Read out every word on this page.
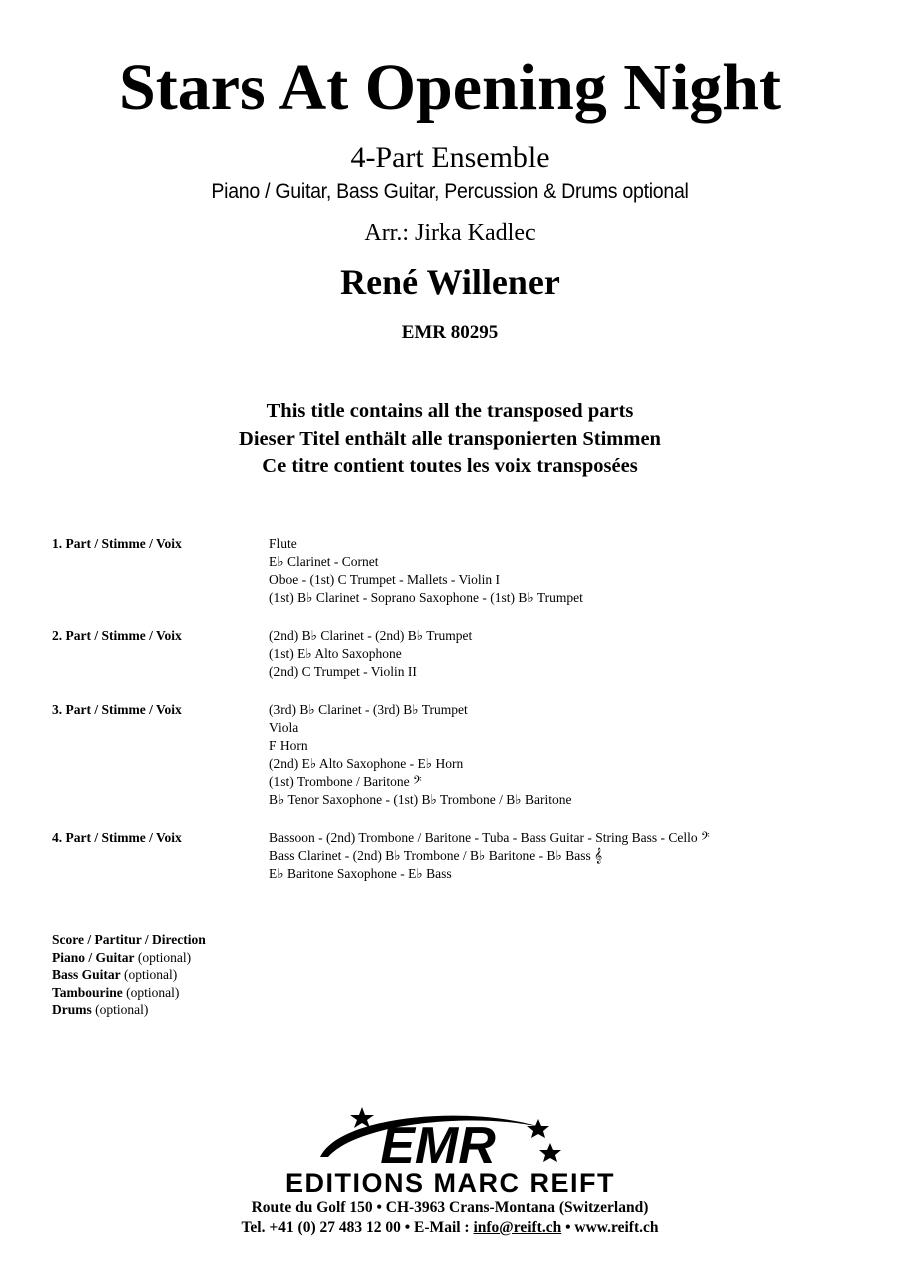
Stars At Opening Night
4-Part Ensemble
Piano / Guitar, Bass Guitar, Percussion & Drums optional
Arr.: Jirka Kadlec
René Willener
EMR 80295
This title contains all the transposed parts
Dieser Titel enthält alle transponierten Stimmen
Ce titre contient toutes les voix transposées
1. Part / Stimme / Voix	Flute
E♭ Clarinet - Cornet
Oboe - (1st) C Trumpet - Mallets - Violin I
(1st) B♭ Clarinet - Soprano Saxophone - (1st) B♭ Trumpet
2. Part / Stimme / Voix	(2nd) B♭ Clarinet - (2nd) B♭ Trumpet
(1st) E♭ Alto Saxophone
(2nd) C Trumpet - Violin II
3. Part / Stimme / Voix	(3rd) B♭ Clarinet - (3rd) B♭ Trumpet
Viola
F Horn
(2nd) E♭ Alto Saxophone - E♭ Horn
(1st) Trombone / Baritone 𝄢
B♭ Tenor Saxophone - (1st) B♭ Trombone / B♭ Baritone
4. Part / Stimme / Voix	Bassoon - (2nd) Trombone / Baritone - Tuba - Bass Guitar - String Bass - Cello 𝄢
Bass Clarinet - (2nd) B♭ Trombone / B♭ Baritone - B♭ Bass 𝄞
E♭ Baritone Saxophone - E♭ Bass
Score / Partitur / Direction
Piano / Guitar (optional)
Bass Guitar (optional)
Tambourine (optional)
Drums (optional)
EMR
EDITIONS MARC REIFT
Route du Golf 150 • CH-3963 Crans-Montana (Switzerland)
Tel. +41 (0) 27 483 12 00 • E-Mail : info@reift.ch • www.reift.ch
